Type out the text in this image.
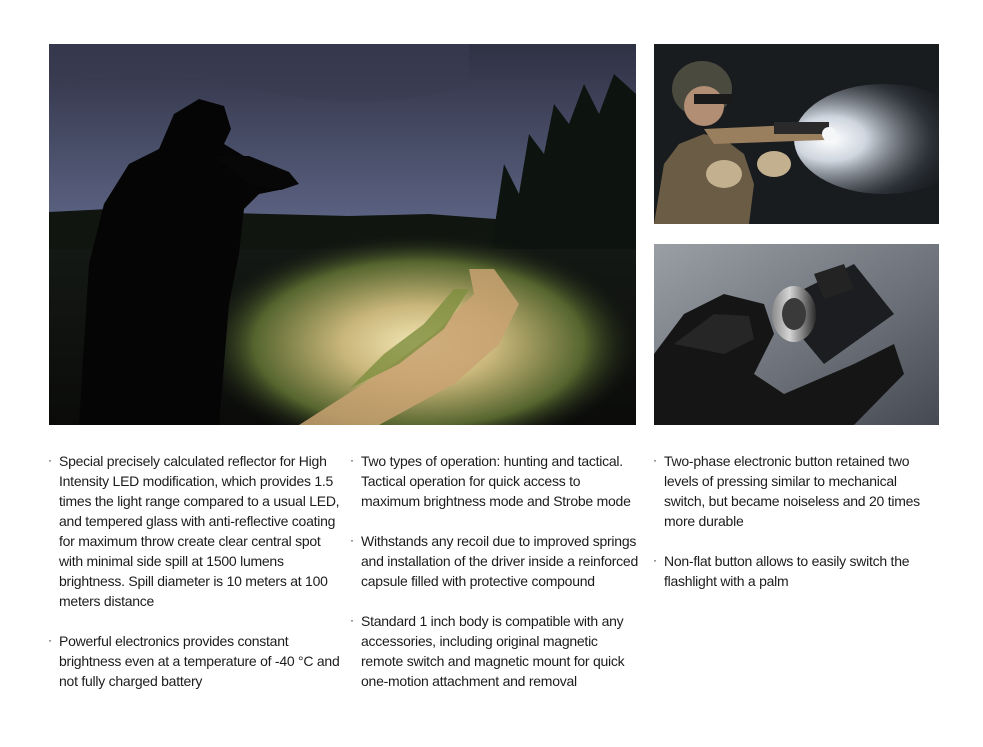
· Special precisely calculated reflector for High Intensity LED modification, which provides 1.5 times the light range compared to a usual LED, and tempered glass with anti-reflective coating for maximum throw create clear central spot with minimal side spill at 1500 lumens brightness. Spill diameter is 10 meters at 100 meters distance
· Powerful electronics provides constant brightness even at a temperature of -40 °C and not fully charged battery
· Two types of operation: hunting and tactical. Tactical operation for quick access to maximum brightness mode and Strobe mode
· Withstands any recoil due to improved springs and installation of the driver inside a reinforced capsule filled with protective compound
· Standard 1 inch body is compatible with any accessories, including original magnetic remote switch and magnetic mount for quick one-motion attachment and removal
· Two-phase electronic button retained two levels of pressing similar to mechanical switch, but became noiseless and 20 times more durable
· Non-flat button allows to easily switch the flashlight with a palm
